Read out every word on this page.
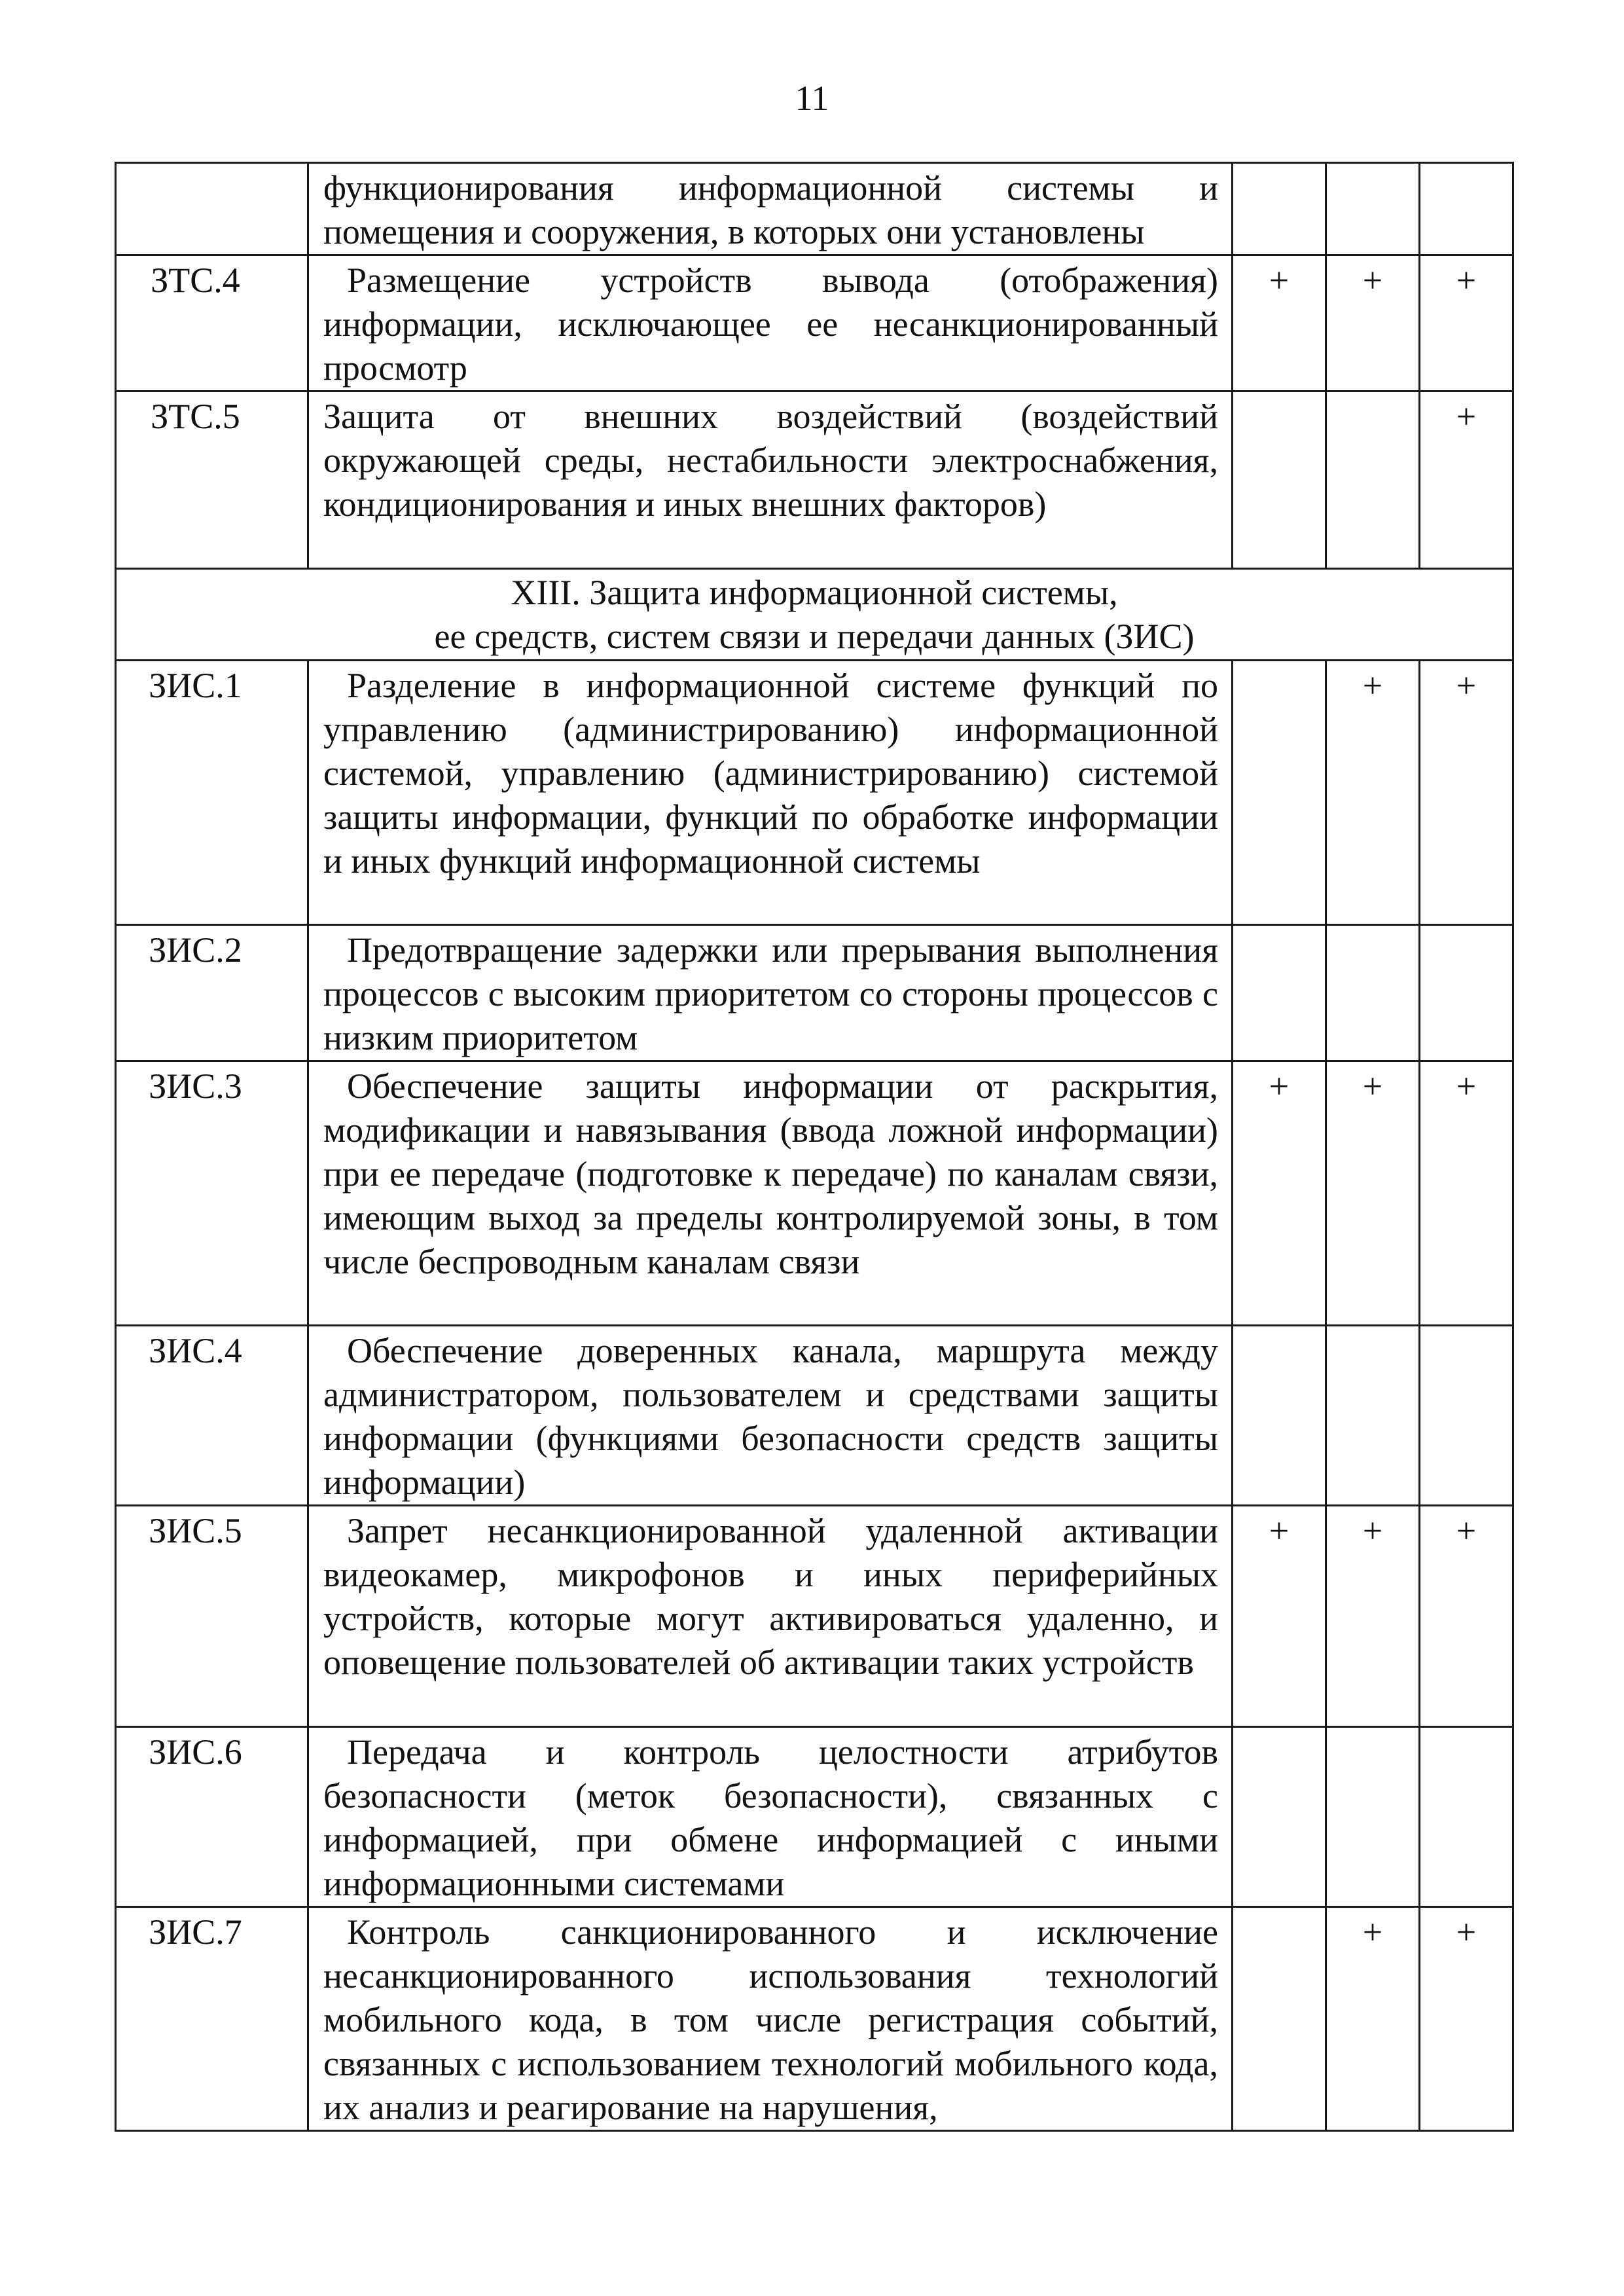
11

	функционирования информационной системы и помещения и сооружения, в которых они установлены			

ЗТС.4	Размещение устройств вывода (отображения) информации, исключающее ее несанкционированный просмотр	+	+	+
ЗТС.5	Защита от внешних воздействий (воздействий окружающей среды, нестабильности электроснабжения, кондиционирования и иных внешних факторов)			+

XIII. Защита информационной системы,
ее средств, систем связи и передачи данных (ЗИС)				

ЗИС.1	Разделение в информационной системе функций по управлению (администрированию) информационной системой, управлению (администрированию) системой защиты информации, функций по обработке информации и иных функций информационной системы		+	+
ЗИС.2	Предотвращение задержки или прерывания выполнения процессов с высоким приоритетом со стороны процессов с низким приоритетом			

ЗИС.3	Обеспечение защиты информации от раскрытия, модификации и навязывания (ввода ложной информации) при ее передаче (подготовке к передаче) по каналам связи, имеющим выход за пределы контролируемой зоны, в том числе беспроводным каналам связи	+	+	+
ЗИС.4	Обеспечение доверенных канала, маршрута между администратором, пользователем и средствами защиты информации (функциями безопасности средств защиты информации)			

ЗИС.5	Запрет несанкционированной удаленной активации видеокамер, микрофонов и иных периферийных устройств, которые могут активироваться удаленно, и оповещение пользователей об активации таких устройств	+	+	+
ЗИС.6	Передача и контроль целостности атрибутов безопасности (меток безопасности), связанных с информацией, при обмене информацией с иными информационными системами			

ЗИС.7	Контроль санкционированного и исключение несанкционированного использования технологий мобильного кода, в том числе регистрация событий, связанных с использованием технологий мобильного кода, их анализ и реагирование на нарушения,		+	+
